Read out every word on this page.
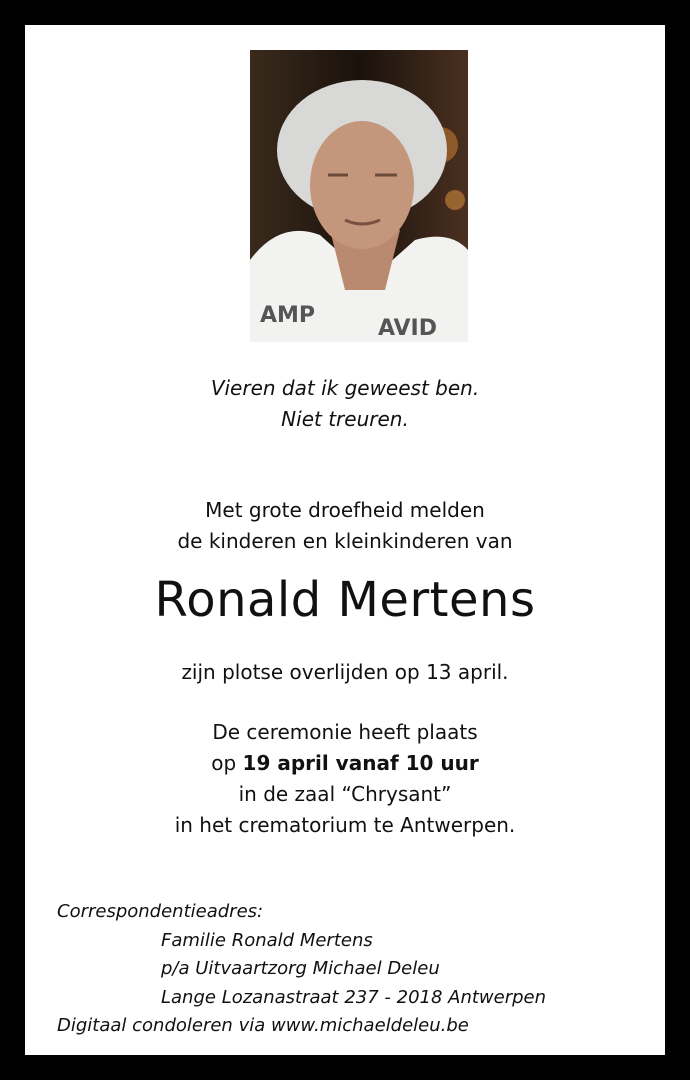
AMP
AVID
Vieren dat ik geweest ben.
Niet treuren.
Met grote droefheid melden
de kinderen en kleinkinderen van
Ronald Mertens
zijn plotse overlijden op 13 april.
De ceremonie heeft plaats
op 19 april vanaf 10 uur
in de zaal “Chrysant”
in het crematorium te Antwerpen.
Correspondentieadres:
Familie Ronald Mertens
p/a Uitvaartzorg Michael Deleu
Lange Lozanastraat 237 - 2018 Antwerpen
Digitaal condoleren via www.michaeldeleu.be
